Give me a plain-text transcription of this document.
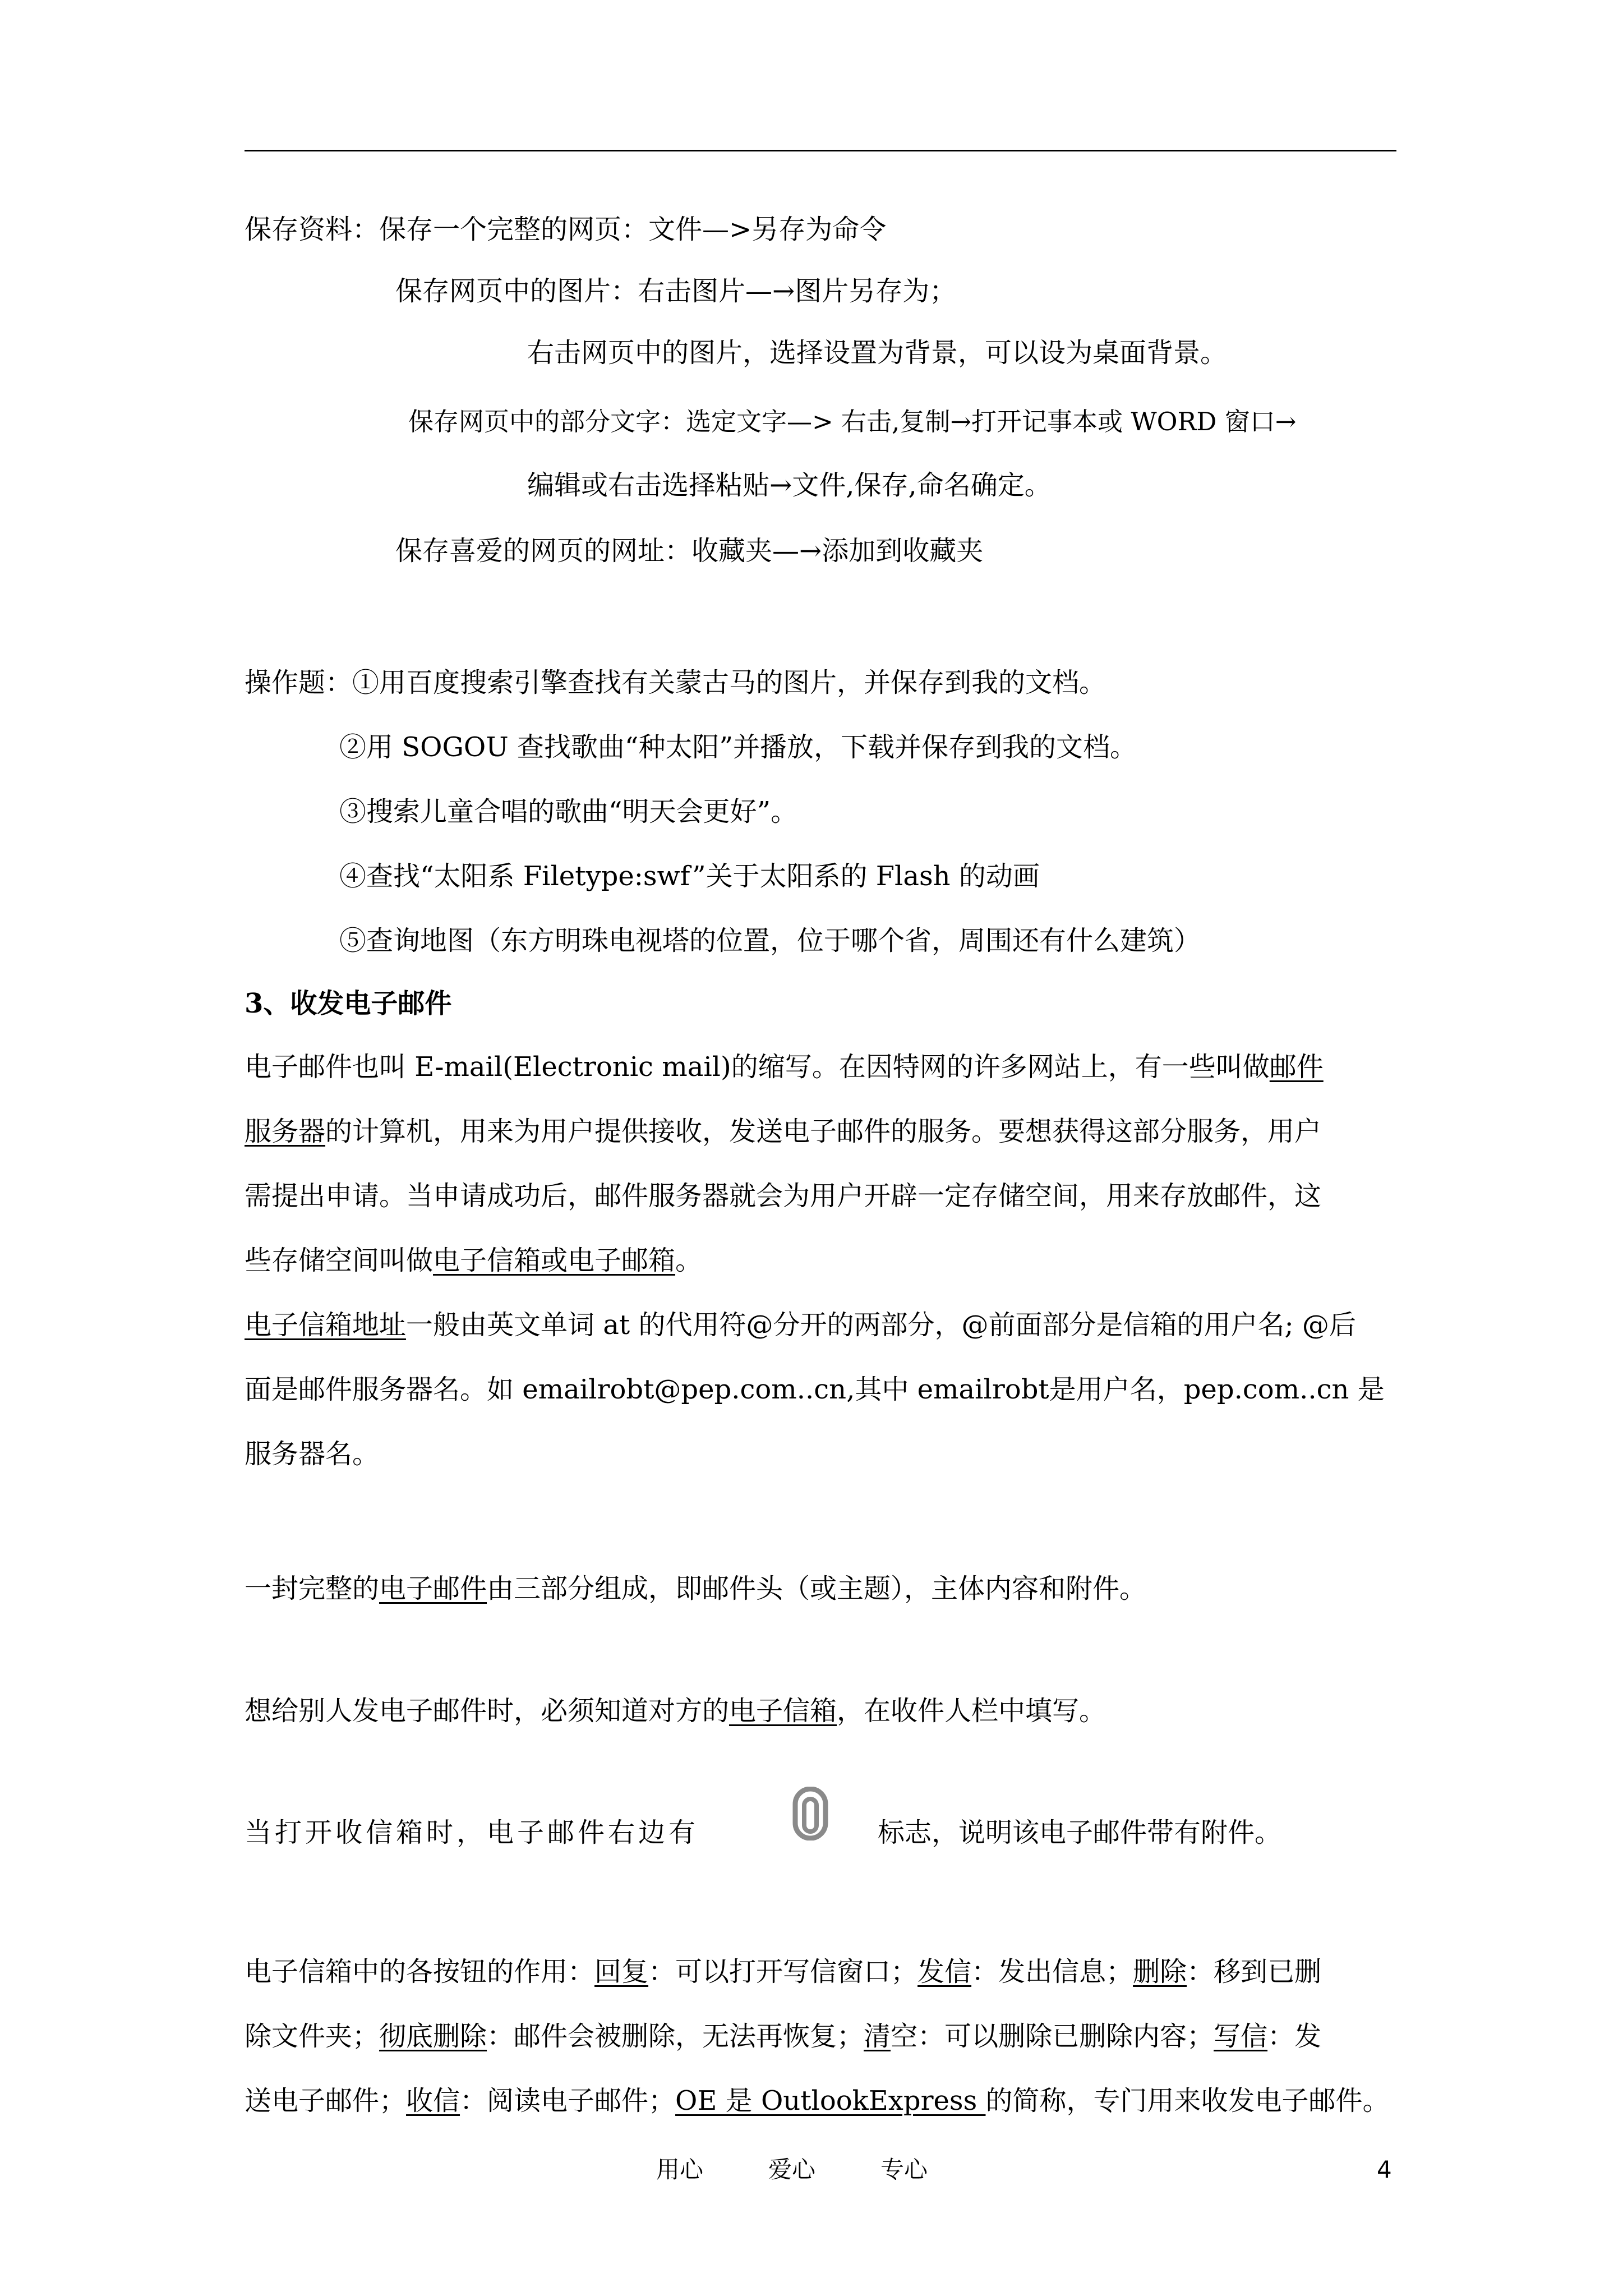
保存资料：保存一个完整的网页：文件—>另存为命令
保存网页中的图片：右击图片—→图片另存为；
右击网页中的图片，选择设置为背景，可以设为桌面背景。
保存网页中的部分文字：选定文字—> 右击,复制→打开记事本或 WORD 窗口→
编辑或右击选择粘贴→文件,保存,命名确定。
保存喜爱的网页的网址：收藏夹—→添加到收藏夹
操作题：①用百度搜索引擎查找有关蒙古马的图片，并保存到我的文档。
②用 SOGOU 查找歌曲“种太阳”并播放，下载并保存到我的文档。
③搜索儿童合唱的歌曲“明天会更好”。
④查找“太阳系 Filetype:swf”关于太阳系的 Flash 的动画
⑤查询地图（东方明珠电视塔的位置，位于哪个省，周围还有什么建筑）
3、收发电子邮件
电子邮件也叫 E-mail(Electronic mail)的缩写。在因特网的许多网站上，有一些叫做邮件
服务器的计算机，用来为用户提供接收，发送电子邮件的服务。要想获得这部分服务，用户
需提出申请。当申请成功后，邮件服务器就会为用户开辟一定存储空间，用来存放邮件，这
些存储空间叫做电子信箱或电子邮箱。
电子信箱地址一般由英文单词 at 的代用符@分开的两部分，@前面部分是信箱的用户名; @后
面是邮件服务器名。如 emailrobt@pep.com..cn,其中 emailrobt是用户名，pep.com..cn 是
服务器名。
一封完整的电子邮件由三部分组成，即邮件头（或主题），主体内容和附件。
想给别人发电子邮件时，必须知道对方的电子信箱，在收件人栏中填写。
当打开收信箱时，电子邮件右边有	标志，说明该电子邮件带有附件。
电子信箱中的各按钮的作用：回复：可以打开写信窗口；发信：发出信息；删除：移到已删
除文件夹；彻底删除：邮件会被删除，无法再恢复；清空：可以删除已删除内容；写信：发
送电子邮件；收信：阅读电子邮件；OE 是 OutlookExpress 的简称，专门用来收发电子邮件。
用心	爱心	专心	4
